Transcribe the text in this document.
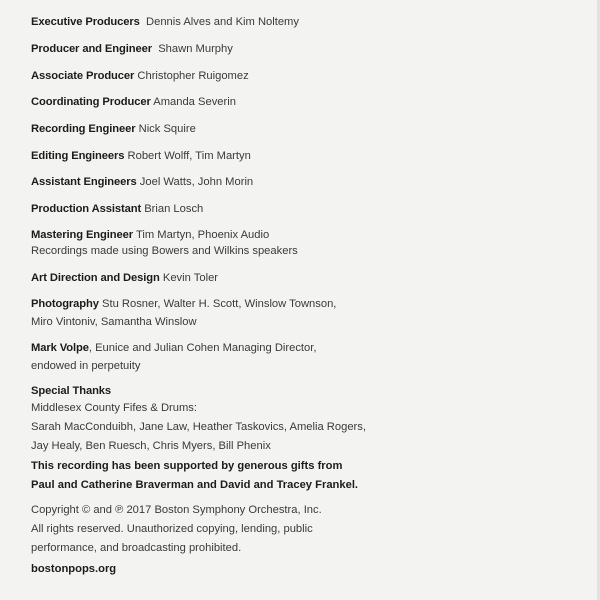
Executive Producers Dennis Alves and Kim Noltemy
Producer and Engineer Shawn Murphy
Associate Producer Christopher Ruigomez
Coordinating Producer Amanda Severin
Recording Engineer Nick Squire
Editing Engineers Robert Wolff, Tim Martyn
Assistant Engineers Joel Watts, John Morin
Production Assistant Brian Losch
Mastering Engineer Tim Martyn, Phoenix Audio
Recordings made using Bowers and Wilkins speakers
Art Direction and Design Kevin Toler
Photography Stu Rosner, Walter H. Scott, Winslow Townson,
Miro Vintoniv, Samantha Winslow
Mark Volpe, Eunice and Julian Cohen Managing Director,
endowed in perpetuity
Special Thanks
Middlesex County Fifes & Drums:
Sarah MacConduibh, Jane Law, Heather Taskovics, Amelia Rogers,
Jay Healy, Ben Ruesch, Chris Myers, Bill Phenix
This recording has been supported by generous gifts from
Paul and Catherine Braverman and David and Tracey Frankel.
Copyright © and ℗ 2017 Boston Symphony Orchestra, Inc.
All rights reserved. Unauthorized copying, lending, public
performance, and broadcasting prohibited.
bostonpops.org
